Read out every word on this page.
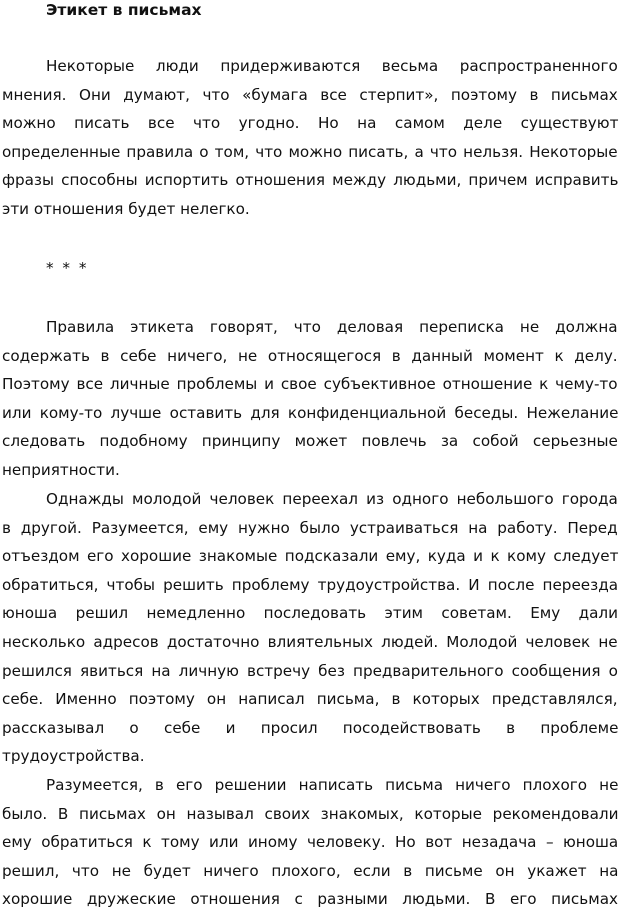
Этикет в письмах
Некоторые люди придерживаются весьма распространенного
мнения. Они думают, что «бумага все стерпит», поэтому в письмах
можно писать все что угодно. Но на самом деле существуют
определенные правила о том, что можно писать, а что нельзя. Некоторые
фразы способны испортить отношения между людьми, причем исправить
эти отношения будет нелегко.
* * *
Правила этикета говорят, что деловая переписка не должна
содержать в себе ничего, не относящегося в данный момент к делу.
Поэтому все личные проблемы и свое субъективное отношение к чему-то
или кому-то лучше оставить для конфиденциальной беседы. Нежелание
следовать подобному принципу может повлечь за собой серьезные
неприятности.
Однажды молодой человек переехал из одного небольшого города
в другой. Разумеется, ему нужно было устраиваться на работу. Перед
отъездом его хорошие знакомые подсказали ему, куда и к кому следует
обратиться, чтобы решить проблему трудоустройства. И после переезда
юноша решил немедленно последовать этим советам. Ему дали
несколько адресов достаточно влиятельных людей. Молодой человек не
решился явиться на личную встречу без предварительного сообщения о
себе. Именно поэтому он написал письма, в которых представлялся,
рассказывал о себе и просил посодействовать в проблеме
трудоустройства.
Разумеется, в его решении написать письма ничего плохого не
было. В письмах он называл своих знакомых, которые рекомендовали
ему обратиться к тому или иному человеку. Но вот незадача – юноша
решил, что не будет ничего плохого, если в письме он укажет на
хорошие дружеские отношения с разными людьми. В его письмах
